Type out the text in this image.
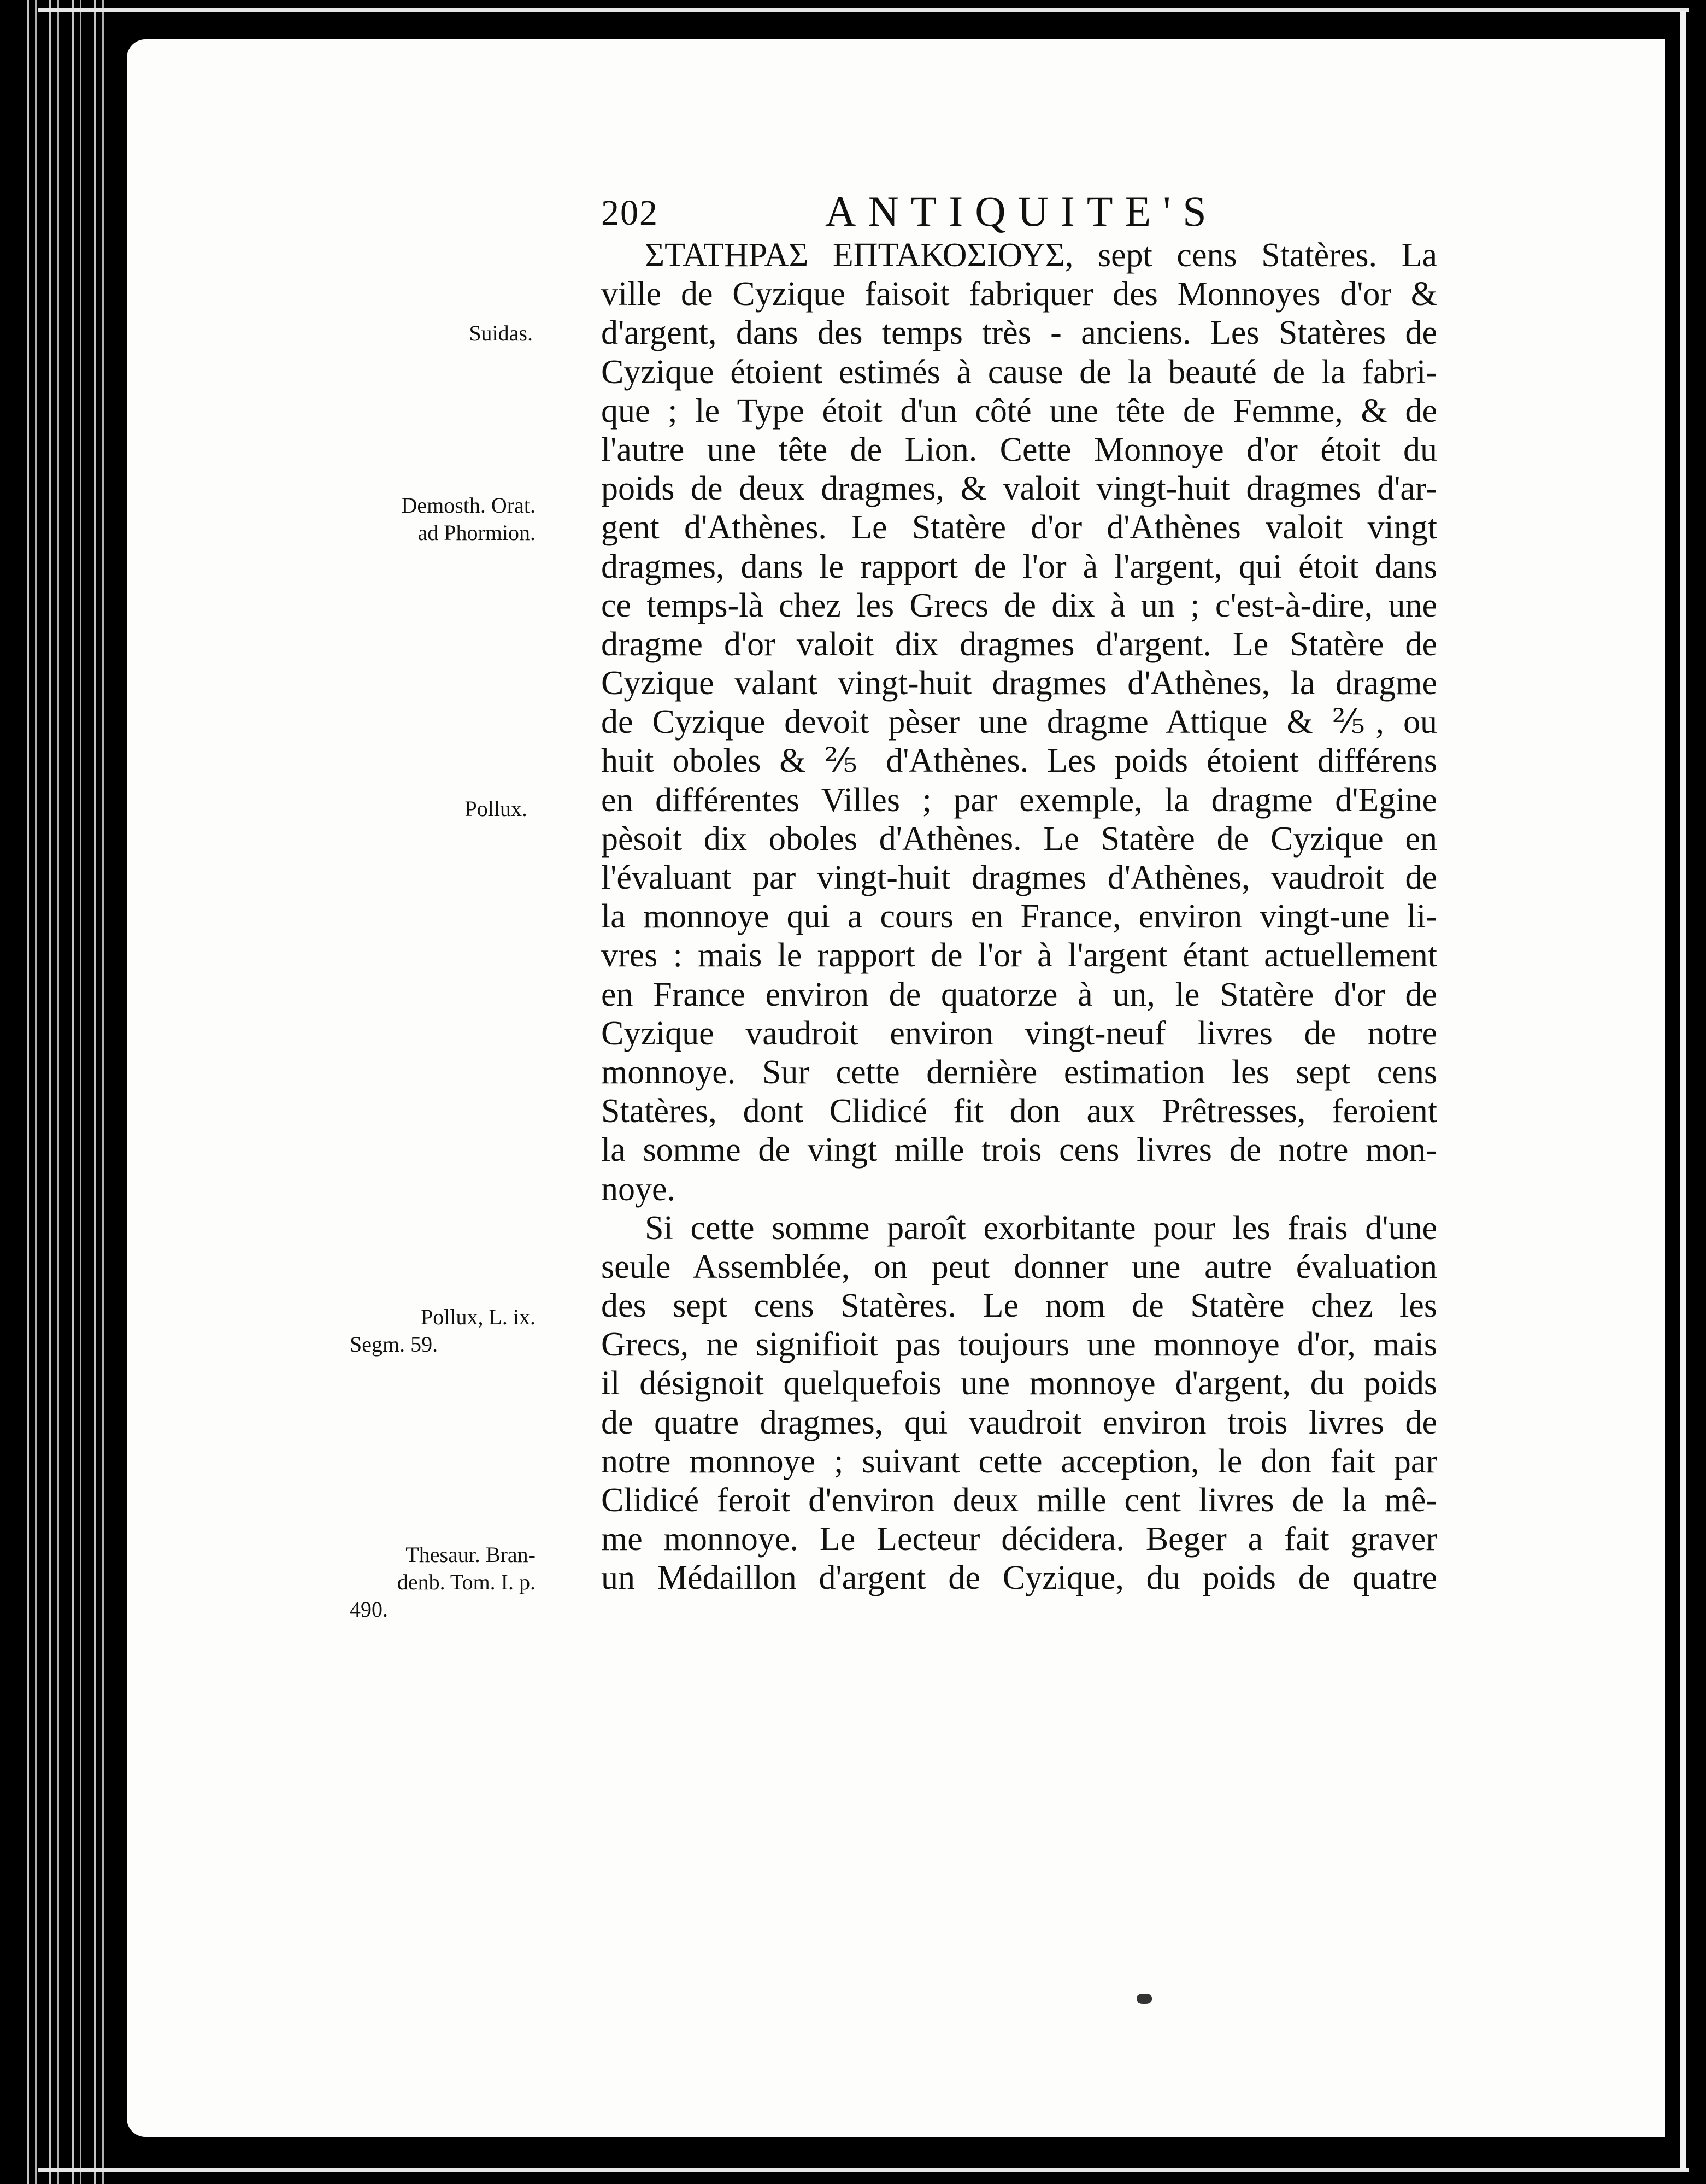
202	ANTIQUITE'S
Suidas.
Demosth. Orat.
ad Phormion.
Pollux.
Pollux, L. ix.
Segm. 59.
Thesaur. Bran-
denb. Tom. I. p.
490.
ΣΤΑΤΗΡΑΣ ΕΠΤΑΚΟΣΙΟΥΣ, sept cens Statères. La
ville de Cyzique faisoit fabriquer des Monnoyes d'or &
d'argent, dans des temps très - anciens. Les Statères de
Cyzique étoient estimés à cause de la beauté de la fabri-
que ; le Type étoit d'un côté une tête de Femme, & de
l'autre une tête de Lion. Cette Monnoye d'or étoit du
poids de deux dragmes, & valoit vingt-huit dragmes d'ar-
gent d'Athènes. Le Statère d'or d'Athènes valoit vingt
dragmes, dans le rapport de l'or à l'argent, qui étoit dans
ce temps-là chez les Grecs de dix à un ; c'est-à-dire, une
dragme d'or valoit dix dragmes d'argent. Le Statère de
Cyzique valant vingt-huit dragmes d'Athènes, la dragme
de Cyzique devoit pèser une dragme Attique & ⅖, ou
huit oboles & ⅖ d'Athènes. Les poids étoient différens
en différentes Villes ; par exemple, la dragme d'Egine
pèsoit dix oboles d'Athènes. Le Statère de Cyzique en
l'évaluant par vingt-huit dragmes d'Athènes, vaudroit de
la monnoye qui a cours en France, environ vingt-une li-
vres : mais le rapport de l'or à l'argent étant actuellement
en France environ de quatorze à un, le Statère d'or de
Cyzique vaudroit environ vingt-neuf livres de notre
monnoye. Sur cette dernière estimation les sept cens
Statères, dont Clidicé fit don aux Prêtresses, feroient
la somme de vingt mille trois cens livres de notre mon-
noye.
Si cette somme paroît exorbitante pour les frais d'une
seule Assemblée, on peut donner une autre évaluation
des sept cens Statères. Le nom de Statère chez les
Grecs, ne signifioit pas toujours une monnoye d'or, mais
il désignoit quelquefois une monnoye d'argent, du poids
de quatre dragmes, qui vaudroit environ trois livres de
notre monnoye ; suivant cette acception, le don fait par
Clidicé feroit d'environ deux mille cent livres de la mê-
me monnoye. Le Lecteur décidera. Beger a fait graver
un Médaillon d'argent de Cyzique, du poids de quatre
